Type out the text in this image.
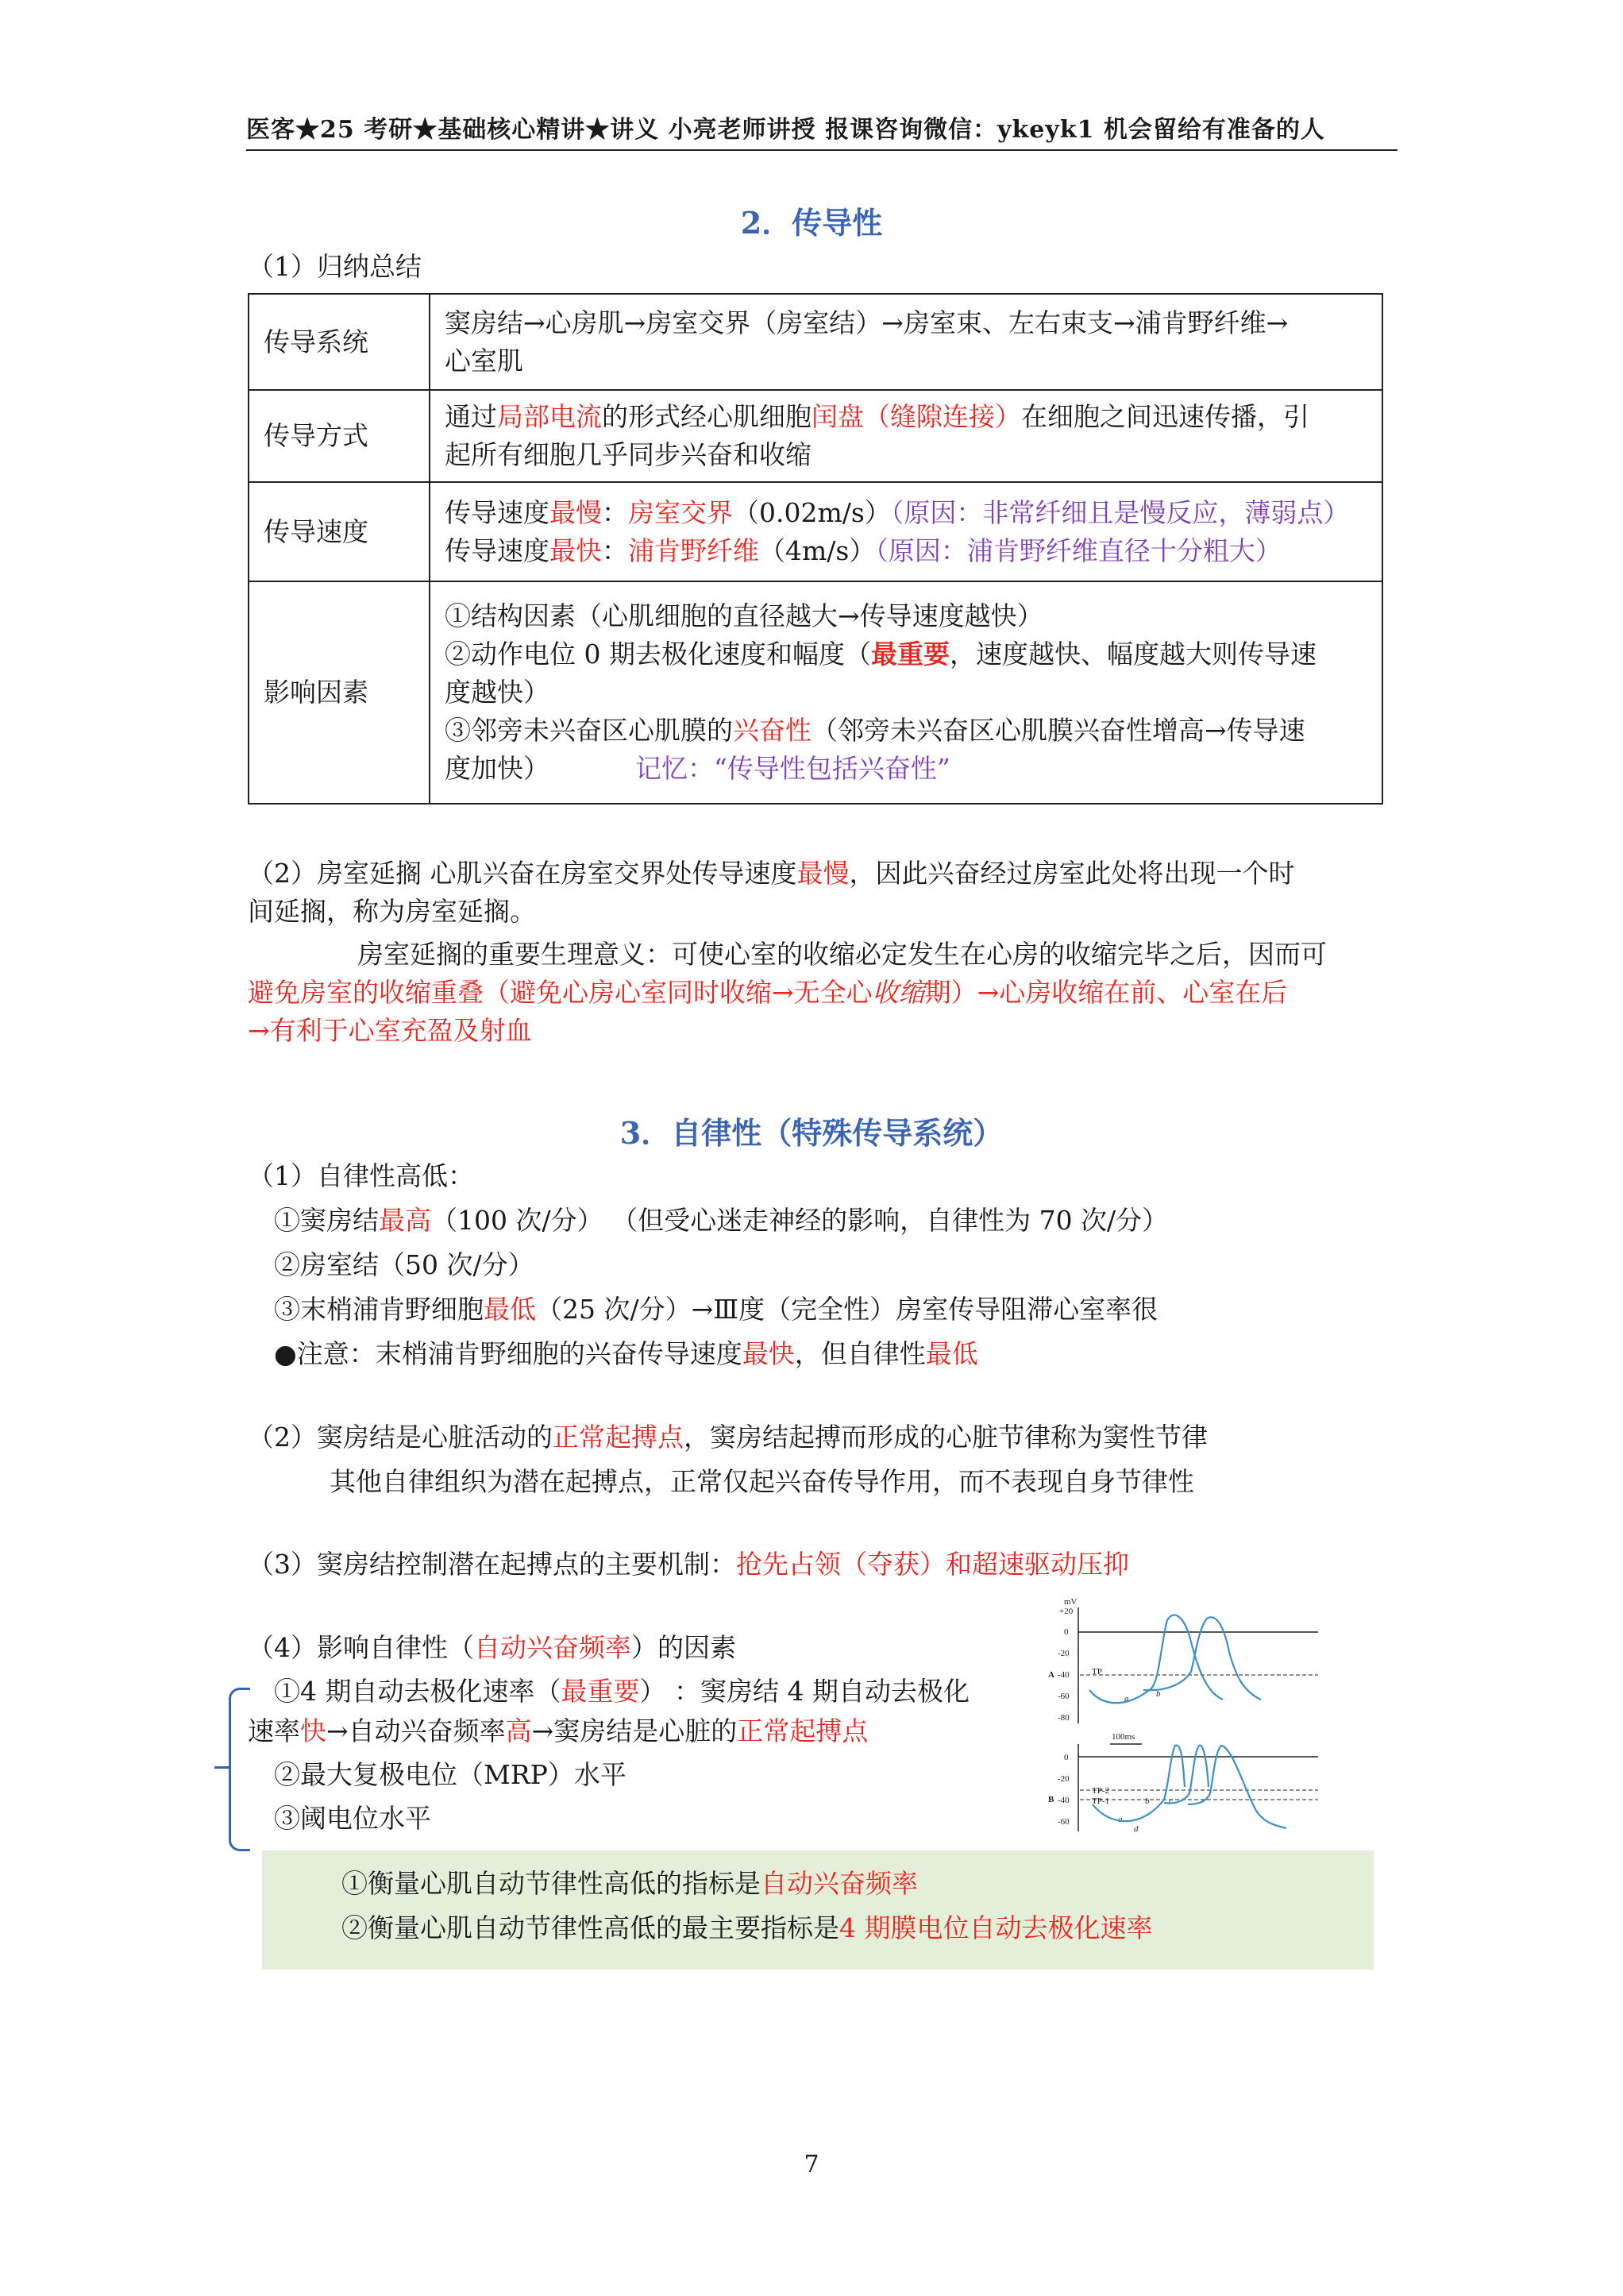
医客★25 考研★基础核心精讲★讲义 小亮老师讲授 报课咨询微信：ykeyk1 机会留给有准备的人
2．传导性
（1）归纳总结
传导系统	窦房结→心房肌→房室交界（房室结）→房室束、左右束支→浦肯野纤维→
心室肌

传导方式	通过局部电流的形式经心肌细胞闰盘（缝隙连接）在细胞之间迅速传播，引
起所有细胞几乎同步兴奋和收缩

传导速度	传导速度最慢：房室交界（0.02m/s）（原因：非常纤细且是慢反应，薄弱点）
传导速度最快：浦肯野纤维（4m/s）（原因：浦肯野纤维直径十分粗大）

影响因素	①结构因素（心肌细胞的直径越大→传导速度越快）
②动作电位 0 期去极化速度和幅度（最重要，速度越快、幅度越大则传导速
度越快）
③邻旁未兴奋区心肌膜的兴奋性（邻旁未兴奋区心肌膜兴奋性增高→传导速
度加快） 记忆：“传导性包括兴奋性”
（2）房室延搁 心肌兴奋在房室交界处传导速度最慢，因此兴奋经过房室此处将出现一个时
间延搁，称为房室延搁。
房室延搁的重要生理意义：可使心室的收缩必定发生在心房的收缩完毕之后，因而可
避免房室的收缩重叠（避免心房心室同时收缩→无全心收缩期）→心房收缩在前、心室在后
→有利于心室充盈及射血
3．自律性（特殊传导系统）
（1）自律性高低：
①窦房结最高（100 次/分） （但受心迷走神经的影响，自律性为 70 次/分）
②房室结（50 次/分）
③末梢浦肯野细胞最低（25 次/分）→Ⅲ度（完全性）房室传导阻滞心室率很
●注意：末梢浦肯野细胞的兴奋传导速度最快，但自律性最低
（2）窦房结是心脏活动的正常起搏点，窦房结起搏而形成的心脏节律称为窦性节律
其他自律组织为潜在起搏点，正常仅起兴奋传导作用，而不表现自身节律性
（3）窦房结控制潜在起搏点的主要机制：抢先占领（夺获）和超速驱动压抑
（4）影响自律性（自动兴奋频率）的因素
①4 期自动去极化速率（最重要） ：窦房结 4 期自动去极化
速率快→自动兴奋频率高→窦房结是心脏的正常起搏点
②最大复极电位（MRP）水平
③阈电位水平
mV
+20
0
-20
-40
-60
-80
A	TP
a	b
100ms
0
-20
-40
-60
B
TP-2
TP-1
a
b c
d
①衡量心肌自动节律性高低的指标是自动兴奋频率
②衡量心肌自动节律性高低的最主要指标是4 期膜电位自动去极化速率
7
